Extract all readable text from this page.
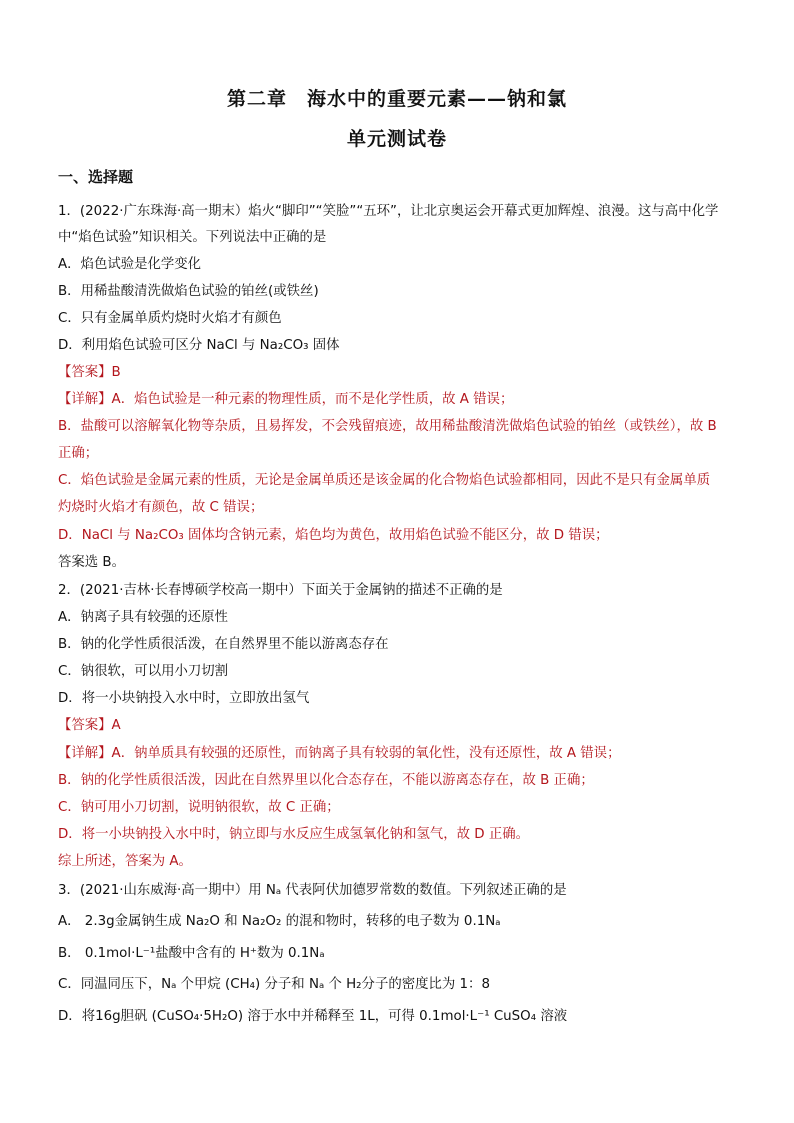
第二章　海水中的重要元素——钠和氯
单元测试卷
一、选择题
1．(2022·广东珠海·高一期末）焰火“脚印”“笑脸”“五环”，让北京奥运会开幕式更加辉煌、浪漫。这与高中化学
中“焰色试验”知识相关。下列说法中正确的是
A．焰色试验是化学变化
B．用稀盐酸清洗做焰色试验的铂丝(或铁丝)
C．只有金属单质灼烧时火焰才有颜色
D．利用焰色试验可区分 NaCl 与 Na₂CO₃ 固体
【答案】B
【详解】A．焰色试验是一种元素的物理性质，而不是化学性质，故 A 错误；
B．盐酸可以溶解氧化物等杂质，且易挥发，不会残留痕迹，故用稀盐酸清洗做焰色试验的铂丝（或铁丝），故 B
正确；
C．焰色试验是金属元素的性质，无论是金属单质还是该金属的化合物焰色试验都相同，因此不是只有金属单质
灼烧时火焰才有颜色，故 C 错误；
D．NaCl 与 Na₂CO₃ 固体均含钠元素，焰色均为黄色，故用焰色试验不能区分，故 D 错误；
答案选 B。
2．(2021·吉林·长春博硕学校高一期中）下面关于金属钠的描述不正确的是
A．钠离子具有较强的还原性
B．钠的化学性质很活泼，在自然界里不能以游离态存在
C．钠很软，可以用小刀切割
D．将一小块钠投入水中时，立即放出氢气
【答案】A
【详解】A．钠单质具有较强的还原性，而钠离子具有较弱的氧化性，没有还原性，故 A 错误；
B．钠的化学性质很活泼，因此在自然界里以化合态存在，不能以游离态存在，故 B 正确；
C．钠可用小刀切割，说明钠很软，故 C 正确；
D．将一小块钠投入水中时，钠立即与水反应生成氢氧化钠和氢气，故 D 正确。
综上所述，答案为 A。
3．(2021·山东威海·高一期中）用 Nₐ 代表阿伏加德罗常数的数值。下列叙述正确的是
A． 2.3g金属钠生成 Na₂O 和 Na₂O₂ 的混和物时，转移的电子数为 0.1Nₐ
B． 0.1mol·L⁻¹盐酸中含有的 H⁺数为 0.1Nₐ
C．同温同压下，Nₐ 个甲烷 (CH₄) 分子和 Nₐ 个 H₂分子的密度比为 1：8
D．将16g胆矾 (CuSO₄·5H₂O) 溶于水中并稀释至 1L，可得 0.1mol·L⁻¹ CuSO₄ 溶液
